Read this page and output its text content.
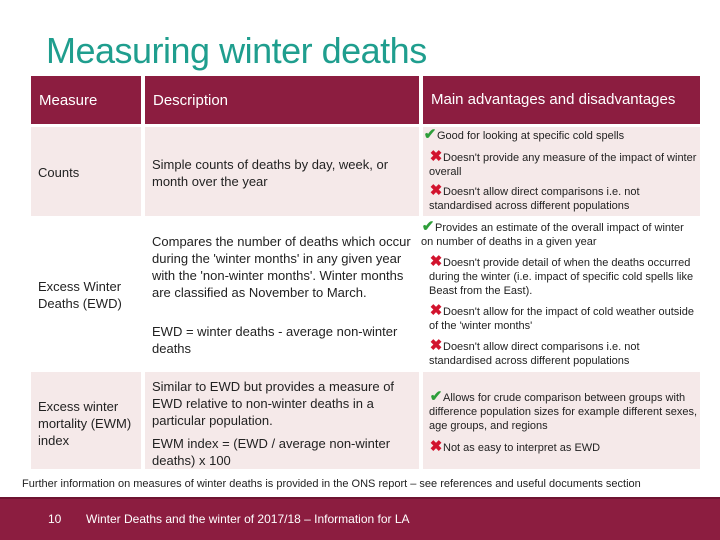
Measuring winter deaths
Measure	Description	Main advantages and disadvantages
Counts
Simple counts of deaths by day, week, or month over the year
✔Good for looking at specific cold spells
✖Doesn't provide any measure of the impact of winter overall
✖Doesn't allow direct comparisons i.e. not standardised across different populations
Excess Winter Deaths (EWD)
Compares the number of deaths which occur during the 'winter months' in any given year with the 'non-winter months'. Winter months are classified as November to March.
EWD = winter deaths - average non-winter deaths
✔Provides an estimate of the overall impact of winter on number of deaths in a given year
✖Doesn't provide detail of when the deaths occurred during the winter (i.e. impact of specific cold spells like Beast from the East).
✖Doesn't allow for the impact of cold weather outside of the 'winter months'
✖Doesn't allow direct comparisons i.e. not standardised across different populations
Excess winter mortality (EWM) index
Similar to EWD but provides a measure of EWD relative to non-winter deaths in a particular population.
EWM index = (EWD / average non-winter deaths) x 100
✔Allows for crude comparison between groups with difference population sizes for example different sexes, age groups, and regions
✖Not as easy to interpret as EWD
Further information on measures of winter deaths is provided in the ONS report – see references and useful documents section
10 Winter Deaths and the winter of 2017/18 – Information for LA
